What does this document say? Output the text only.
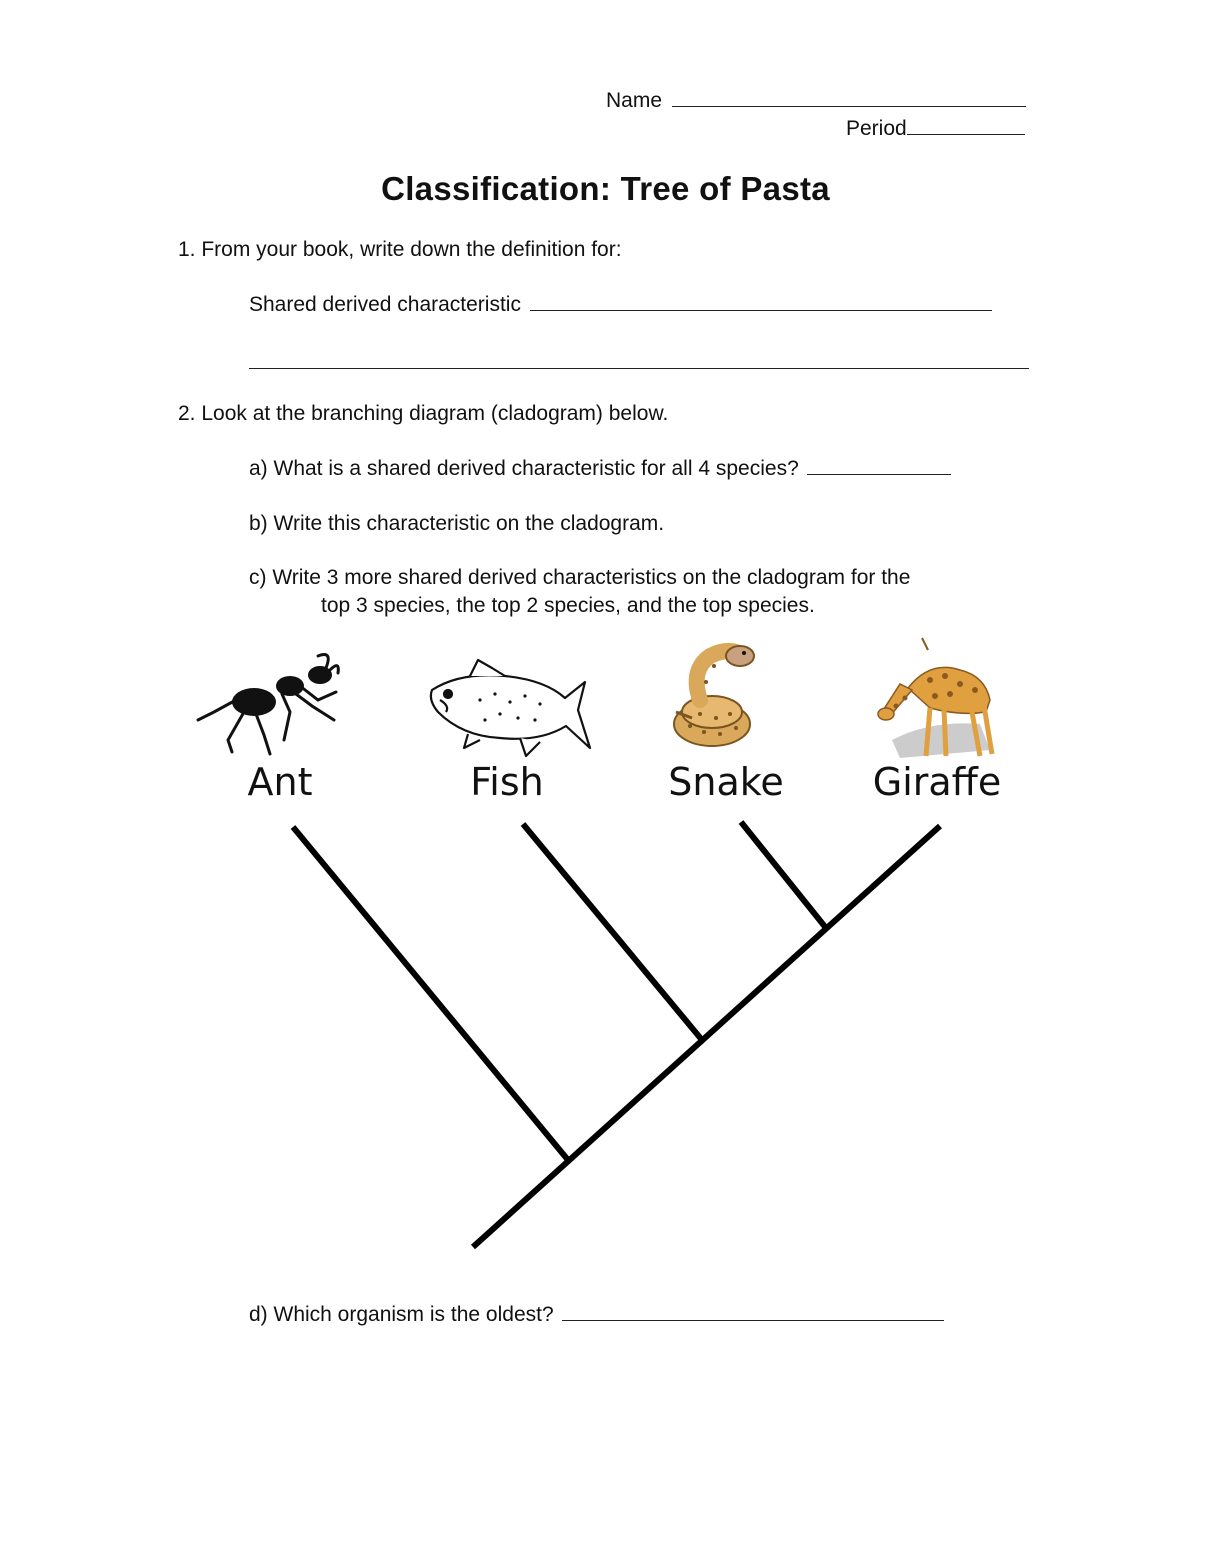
Name
Period
Classification: Tree of Pasta
1. From your book, write down the definition for:
Shared derived characteristic
2. Look at the branching diagram (cladogram) below.
a) What is a shared derived characteristic for all 4 species?
b) Write this characteristic on the cladogram.
c) Write 3 more shared derived characteristics on the cladogram for the
top 3 species, the top 2 species, and the top species.
Ant	Fish	Snake	Giraffe
d) Which organism is the oldest?
